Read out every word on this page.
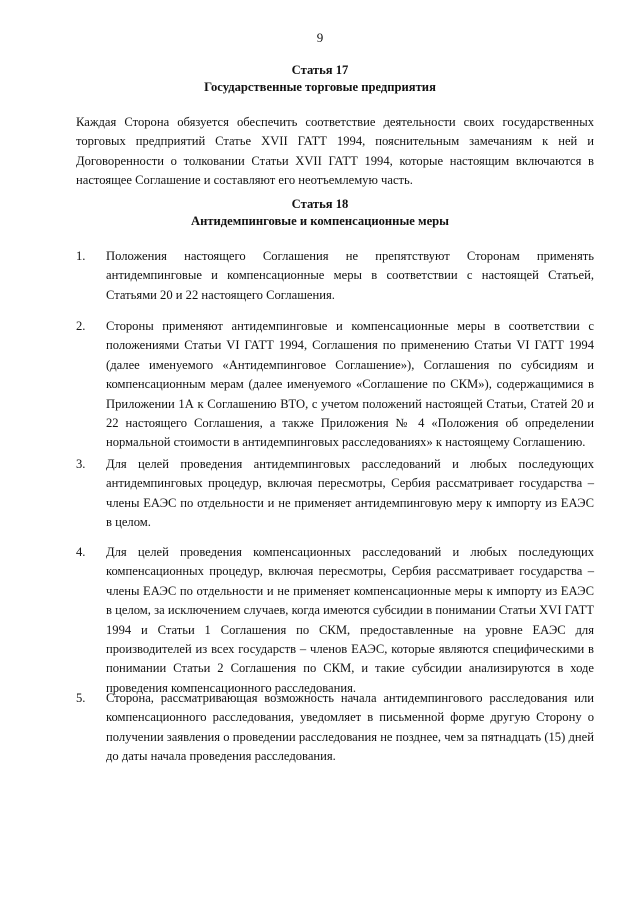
9
Статья 17
Государственные торговые предприятия
Каждая Сторона обязуется обеспечить соответствие деятельности своих государственных торговых предприятий Статье XVII ГАТТ 1994, пояснительным замечаниям к ней и Договоренности о толковании Статьи XVII ГАТТ 1994, которые настоящим включаются в настоящее Соглашение и составляют его неотъемлемую часть.
Статья 18
Антидемпинговые и компенсационные меры
1. Положения настоящего Соглашения не препятствуют Сторонам применять антидемпинговые и компенсационные меры в соответствии с настоящей Статьей, Статьями 20 и 22 настоящего Соглашения.
2. Стороны применяют антидемпинговые и компенсационные меры в соответствии с положениями Статьи VI ГАТТ 1994, Соглашения по применению Статьи VI ГАТТ 1994 (далее именуемого «Антидемпинговое Соглашение»), Соглашения по субсидиям и компенсационным мерам (далее именуемого «Соглашение по СКМ»), содержащимися в Приложении 1А к Соглашению ВТО, с учетом положений настоящей Статьи, Статей 20 и 22 настоящего Соглашения, а также Приложения № 4 «Положения об определении нормальной стоимости в антидемпинговых расследованиях» к настоящему Соглашению.
3. Для целей проведения антидемпинговых расследований и любых последующих антидемпинговых процедур, включая пересмотры, Сербия рассматривает государства – члены ЕАЭС по отдельности и не применяет антидемпинговую меру к импорту из ЕАЭС в целом.
4. Для целей проведения компенсационных расследований и любых последующих компенсационных процедур, включая пересмотры, Сербия рассматривает государства – члены ЕАЭС по отдельности и не применяет компенсационные меры к импорту из ЕАЭС в целом, за исключением случаев, когда имеются субсидии в понимании Статьи XVI ГАТТ 1994 и Статьи 1 Соглашения по СКМ, предоставленные на уровне ЕАЭС для производителей из всех государств – членов ЕАЭС, которые являются специфическими в понимании Статьи 2 Соглашения по СКМ, и такие субсидии анализируются в ходе проведения компенсационного расследования.
5. Сторона, рассматривающая возможность начала антидемпингового расследования или компенсационного расследования, уведомляет в письменной форме другую Сторону о получении заявления о проведении расследования не позднее, чем за пятнадцать (15) дней до даты начала проведения расследования.
